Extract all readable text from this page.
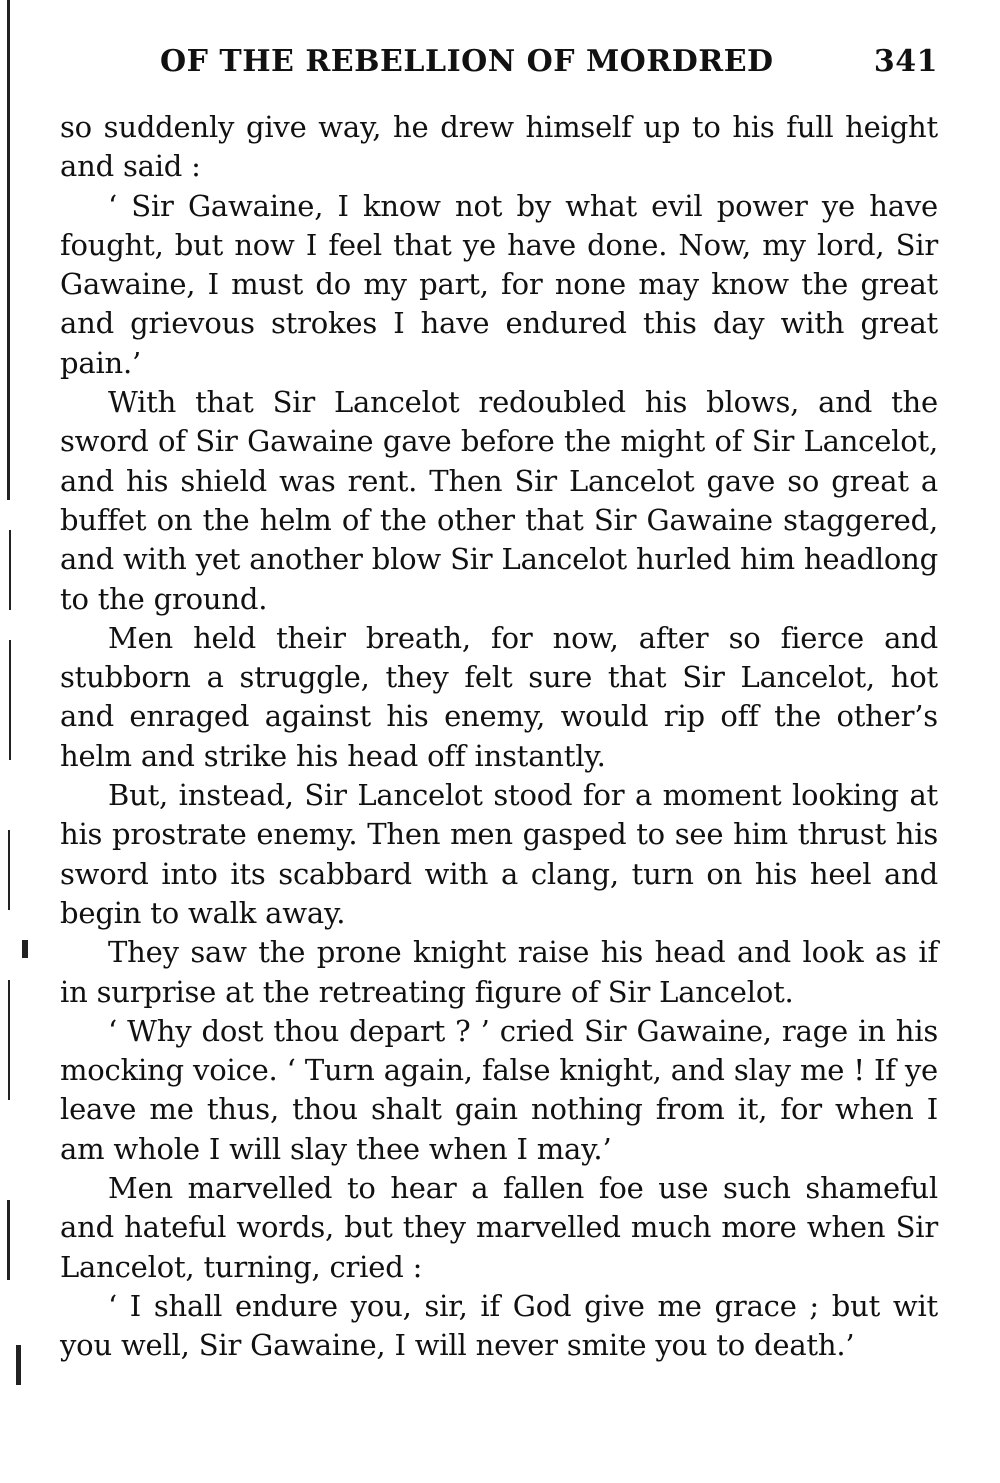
OF THE REBELLION OF MORDRED	341

so suddenly give way, he drew himself up to his full height and said :

‘ Sir Gawaine, I know not by what evil power ye have fought, but now I feel that ye have done. Now, my lord, Sir Gawaine, I must do my part, for none may know the great and grievous strokes I have endured this day with great pain.’

With that Sir Lancelot redoubled his blows, and the sword of Sir Gawaine gave before the might of Sir Lancelot, and his shield was rent. Then Sir Lancelot gave so great a buffet on the helm of the other that Sir Gawaine staggered, and with yet another blow Sir Lancelot hurled him headlong to the ground.

Men held their breath, for now, after so fierce and stubborn a struggle, they felt sure that Sir Lancelot, hot and enraged against his enemy, would rip off the other’s helm and strike his head off instantly.

But, instead, Sir Lancelot stood for a moment looking at his prostrate enemy. Then men gasped to see him thrust his sword into its scabbard with a clang, turn on his heel and begin to walk away.

They saw the prone knight raise his head and look as if in surprise at the retreating figure of Sir Lancelot.

‘ Why dost thou depart ? ’ cried Sir Gawaine, rage in his mocking voice. ‘ Turn again, false knight, and slay me ! If ye leave me thus, thou shalt gain nothing from it, for when I am whole I will slay thee when I may.’

Men marvelled to hear a fallen foe use such shameful and hateful words, but they marvelled much more when Sir Lancelot, turning, cried :

‘ I shall endure you, sir, if God give me grace ; but wit you well, Sir Gawaine, I will never smite you to death.’
